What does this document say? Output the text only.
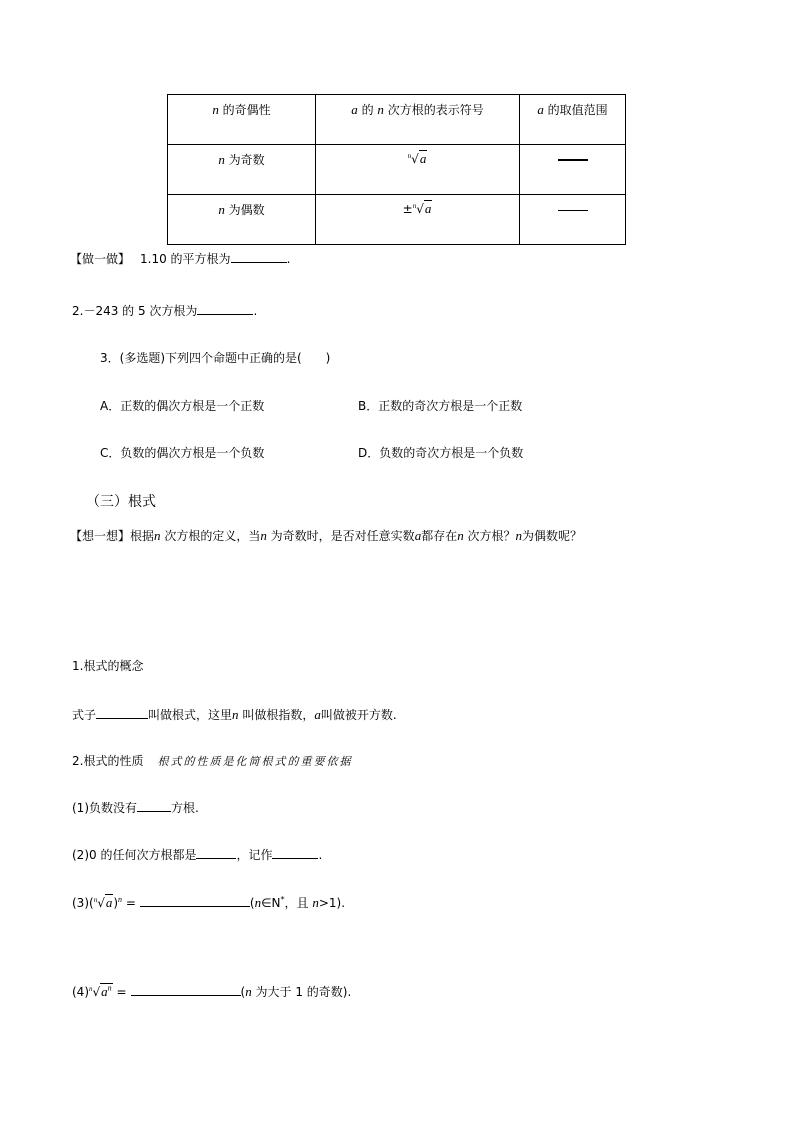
n 的奇偶性	a 的 n 次方根的表示符号	a 的取值范围
n 为奇数	$^n$√a	
n 为偶数	±$^n$√a	
【做一做】 1.10 的平方根为	.
2.－243 的 5 次方根为	.
3．(多选题)下列四个命题中正确的是(　　)
A．正数的偶次方根是一个正数	B．正数的奇次方根是一个正数
C．负数的偶次方根是一个负数	D．负数的奇次方根是一个负数
（三）根式
【想一想】根据n 次方根的定义，当n 为奇数时，是否对任意实数a都存在n 次方根？n为偶数呢？
1.根式的概念
式子	叫做根式，这里n 叫做根指数，a叫做被开方数.
2.根式的性质 根式的性质是化简根式的重要依据
(1)负数没有	方根.
(2)0 的任何次方根都是	，记作	.
$(3)(^n√a)^n$ =	(n∈N*，且 n>1).
$(4)^n√a^n$ =	(n 为大于 1 的奇数).
